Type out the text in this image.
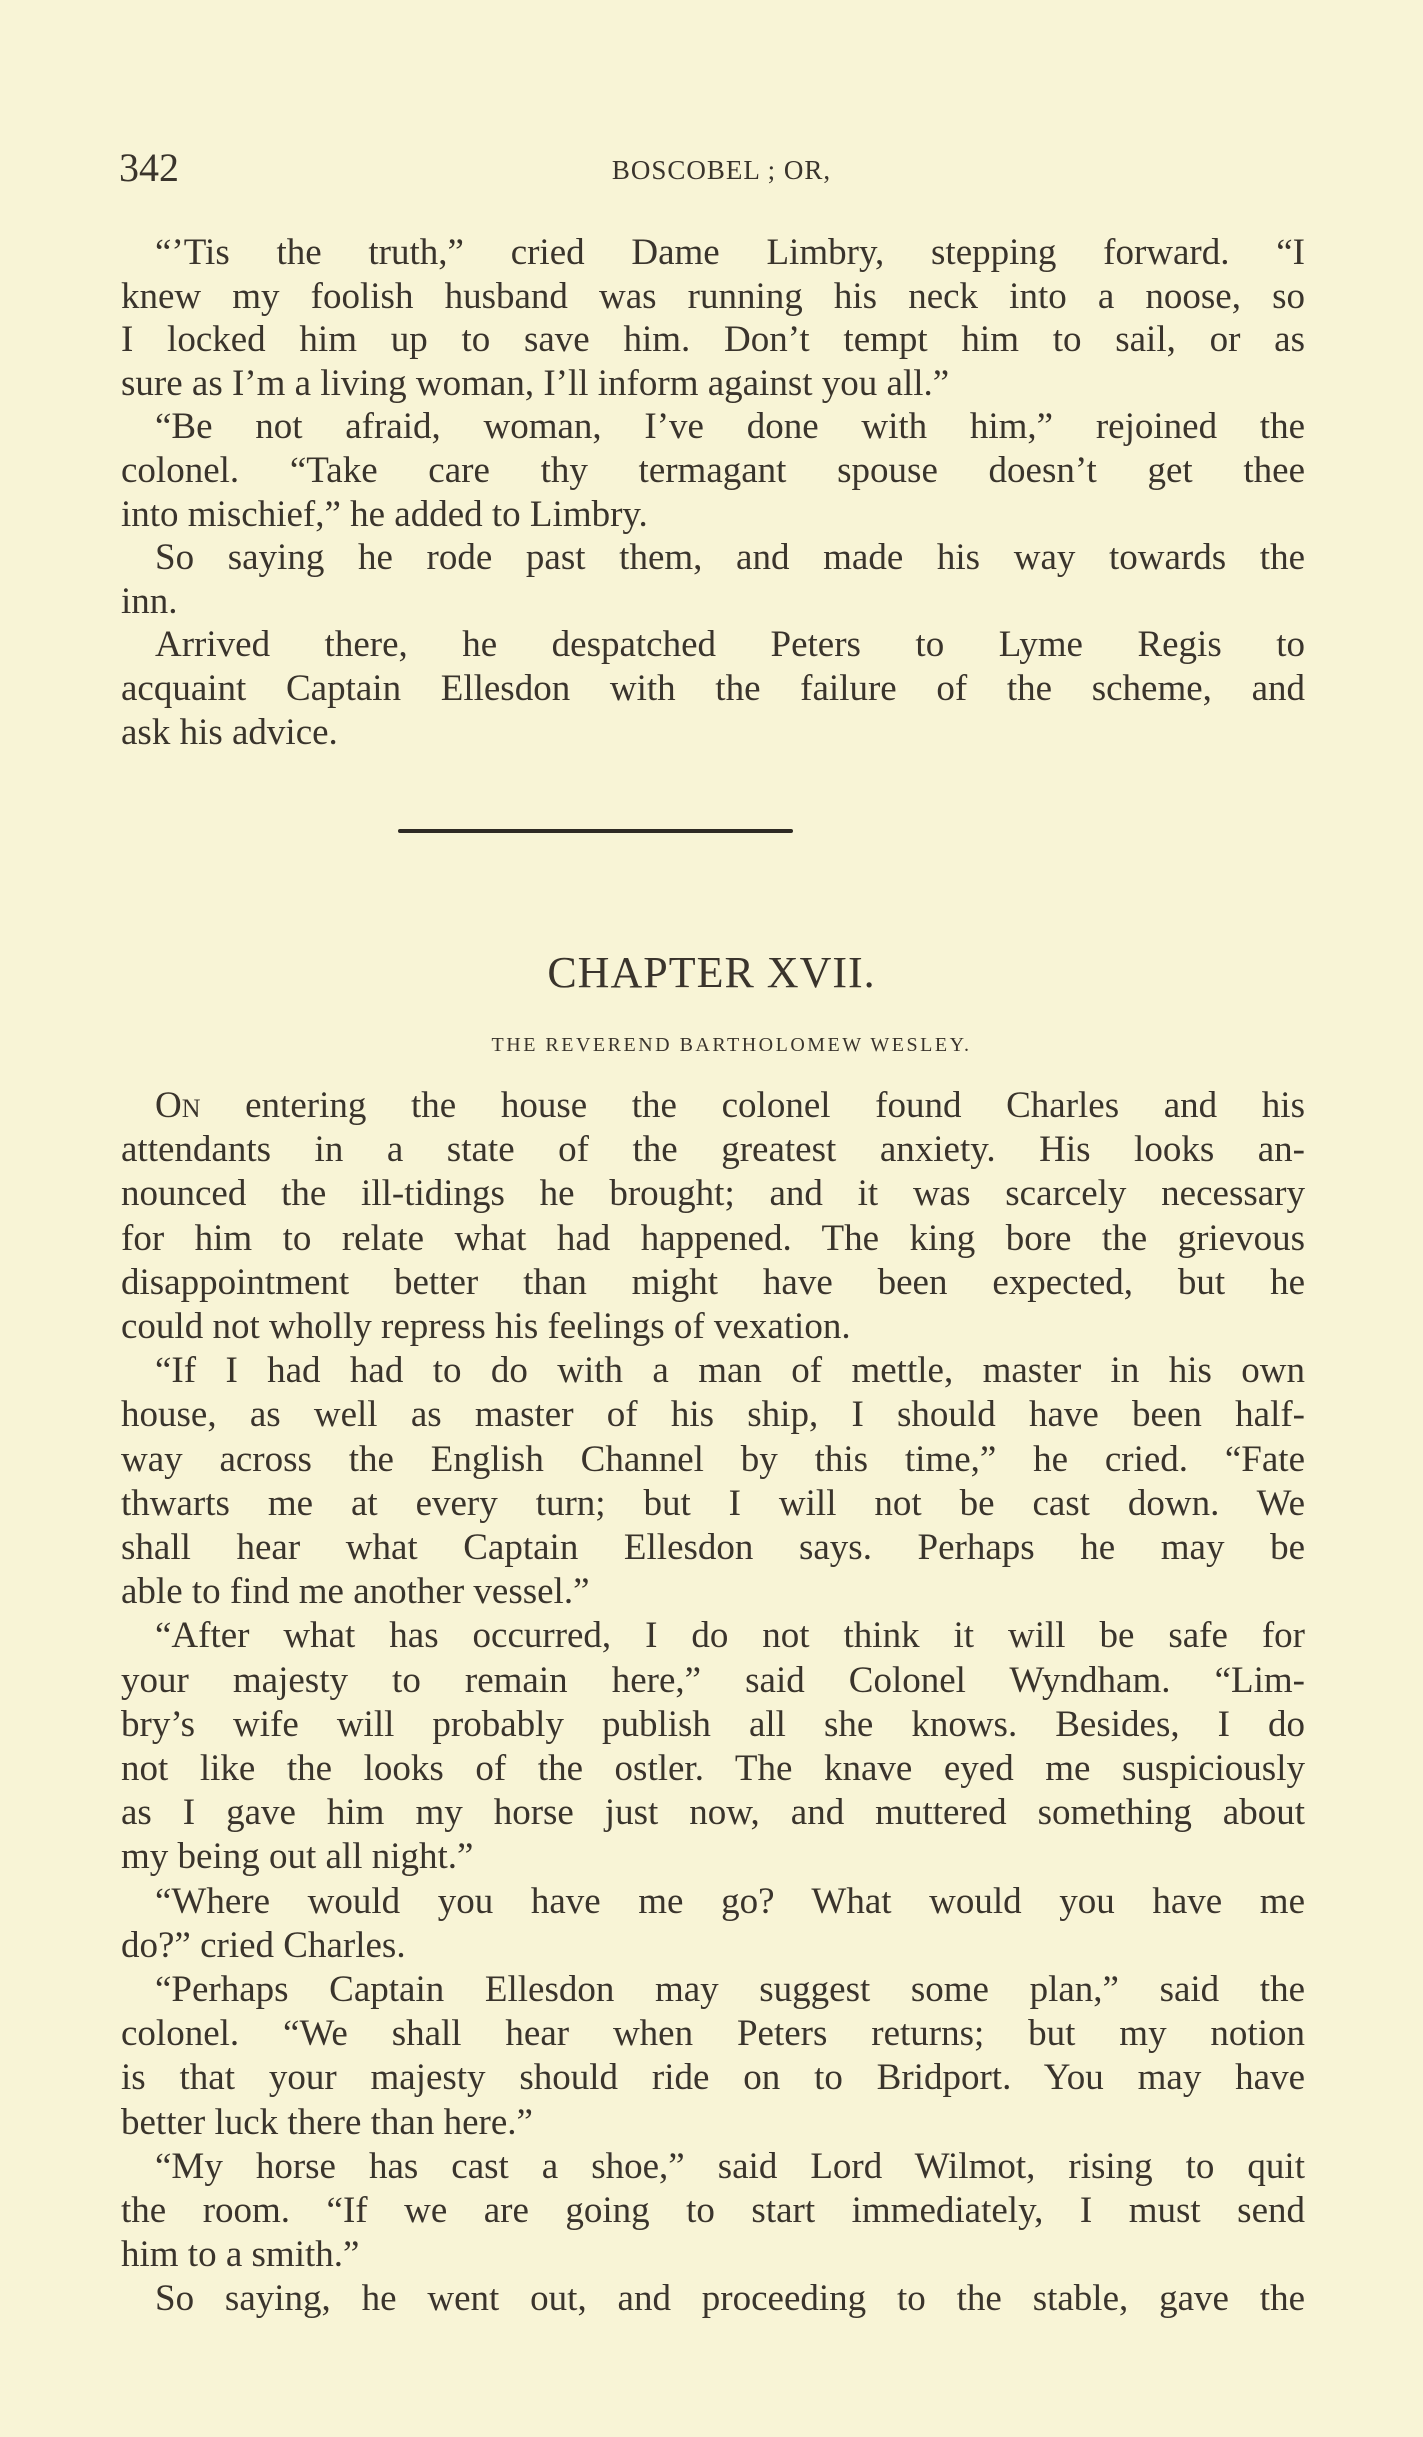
342	BOSCOBEL ; OR,
“’Tis the truth,” cried Dame Limbry, stepping forward. “I
knew my foolish husband was running his neck into a noose, so
I locked him up to save him. Don’t tempt him to sail, or as
sure as I’m a living woman, I’ll inform against you all.”
“Be not afraid, woman, I’ve done with him,” rejoined the
colonel. “Take care thy termagant spouse doesn’t get thee
into mischief,” he added to Limbry.
So saying he rode past them, and made his way towards the
inn.
Arrived there, he despatched Peters to Lyme Regis to
acquaint Captain Ellesdon with the failure of the scheme, and
ask his advice.
CHAPTER XVII.
THE REVEREND BARTHOLOMEW WESLEY.
On entering the house the colonel found Charles and his
attendants in a state of the greatest anxiety. His looks an-
nounced the ill-tidings he brought; and it was scarcely necessary
for him to relate what had happened. The king bore the grievous
disappointment better than might have been expected, but he
could not wholly repress his feelings of vexation.
“If I had had to do with a man of mettle, master in his own
house, as well as master of his ship, I should have been half-
way across the English Channel by this time,” he cried. “Fate
thwarts me at every turn; but I will not be cast down. We
shall hear what Captain Ellesdon says. Perhaps he may be
able to find me another vessel.”
“After what has occurred, I do not think it will be safe for
your majesty to remain here,” said Colonel Wyndham. “Lim-
bry’s wife will probably publish all she knows. Besides, I do
not like the looks of the ostler. The knave eyed me suspiciously
as I gave him my horse just now, and muttered something about
my being out all night.”
“Where would you have me go? What would you have me
do?” cried Charles.
“Perhaps Captain Ellesdon may suggest some plan,” said the
colonel. “We shall hear when Peters returns; but my notion
is that your majesty should ride on to Bridport. You may have
better luck there than here.”
“My horse has cast a shoe,” said Lord Wilmot, rising to quit
the room. “If we are going to start immediately, I must send
him to a smith.”
So saying, he went out, and proceeding to the stable, gave the
